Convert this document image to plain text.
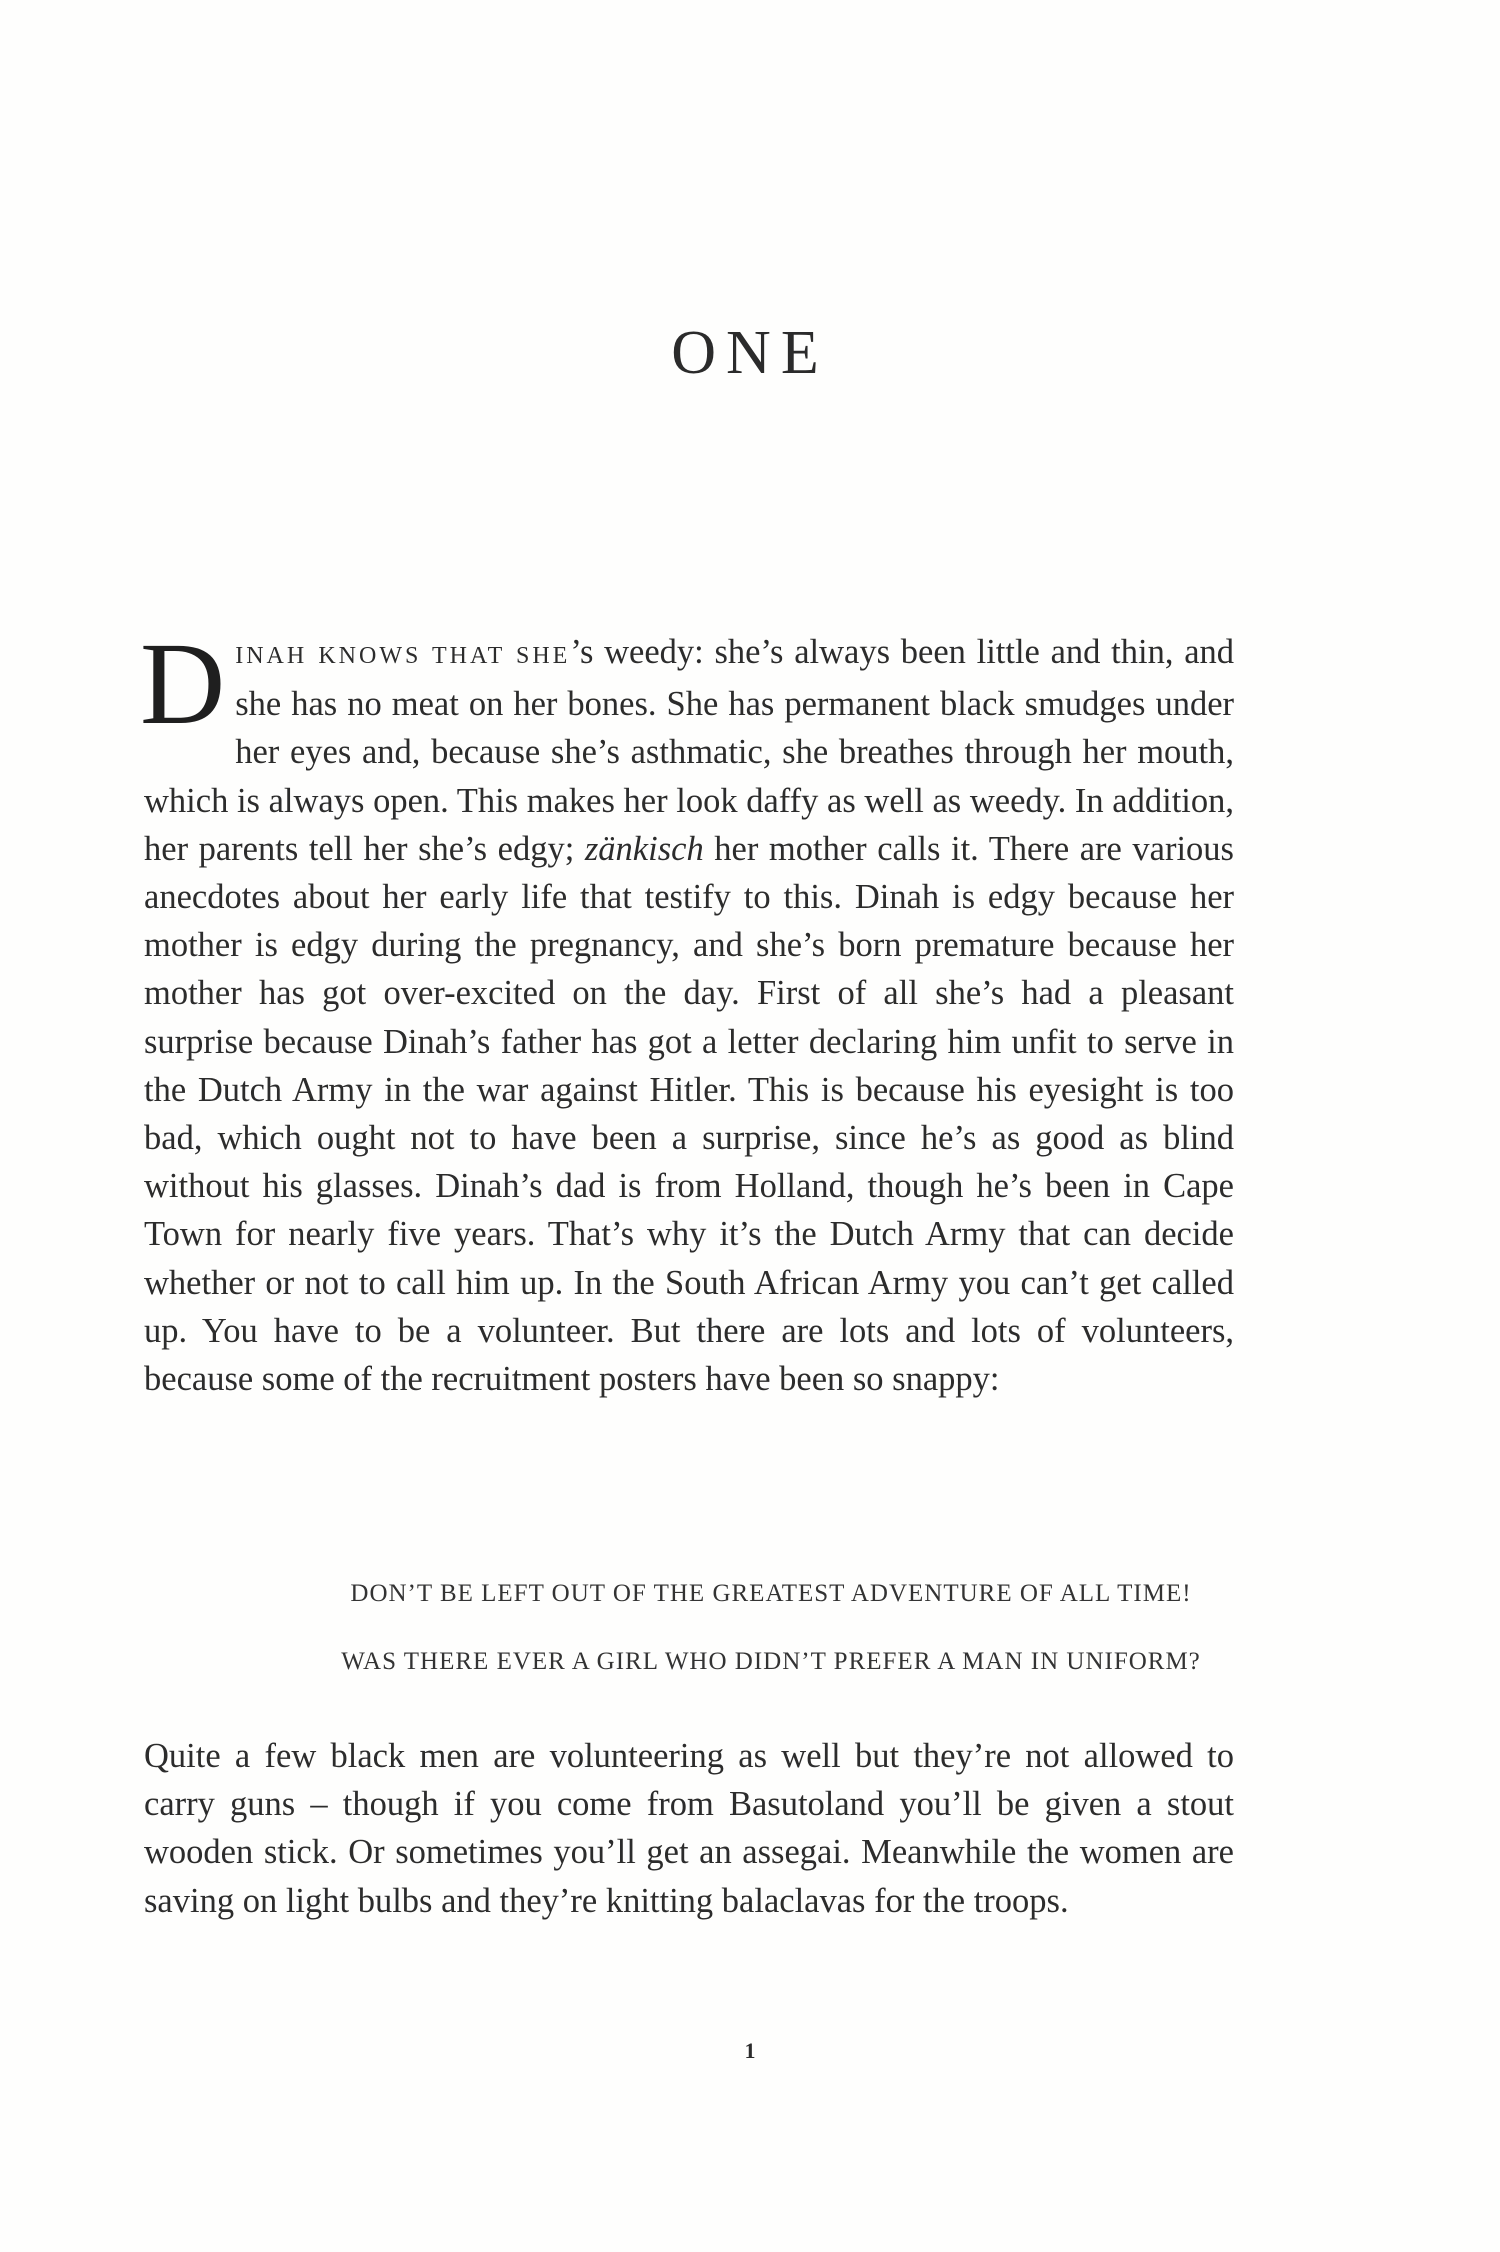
ONE
DINAH KNOWS THAT SHE’s weedy: she’s always been little and thin, and she has no meat on her bones. She has permanent black smudges under her eyes and, because she’s asthmatic, she breathes through her mouth, which is always open. This makes her look daffy as well as weedy. In addition, her parents tell her she’s edgy; zänkisch her mother calls it. There are various anecdotes about her early life that testify to this. Dinah is edgy because her mother is edgy during the pregnancy, and she’s born premature because her mother has got over-excited on the day. First of all she’s had a pleasant surprise because Dinah’s father has got a letter declaring him unfit to serve in the Dutch Army in the war against Hitler. This is because his eyesight is too bad, which ought not to have been a surprise, since he’s as good as blind without his glasses. Dinah’s dad is from Holland, though he’s been in Cape Town for nearly five years. That’s why it’s the Dutch Army that can decide whether or not to call him up. In the South African Army you can’t get called up. You have to be a volunteer. But there are lots and lots of volunteers, because some of the recruitment posters have been so snappy:
DON’T BE LEFT OUT OF THE GREATEST ADVENTURE OF ALL TIME!
WAS THERE EVER A GIRL WHO DIDN’T PREFER A MAN IN UNIFORM?
Quite a few black men are volunteering as well but they’re not allowed to carry guns – though if you come from Basutoland you’ll be given a stout wooden stick. Or sometimes you’ll get an assegai. Meanwhile the women are saving on light bulbs and they’re knitting balaclavas for the troops.
1
